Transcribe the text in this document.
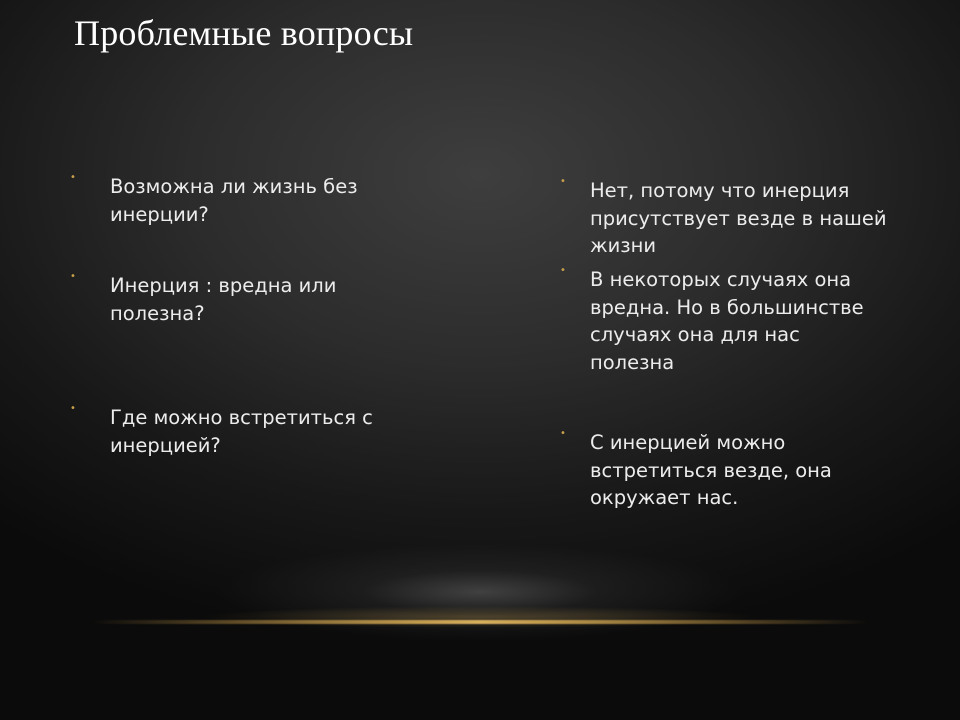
Проблемные вопросы
• Возможна ли жизнь без инерции?

• Инерция : вредна или полезна?

• Где можно встретиться с инерцией?

• Нет, потому что инерция присутствует везде в нашей жизни

• В некоторых случаях она вредна. Но в большинстве случаях она для нас полезна

• С инерцией можно встретиться везде, она окружает нас.
